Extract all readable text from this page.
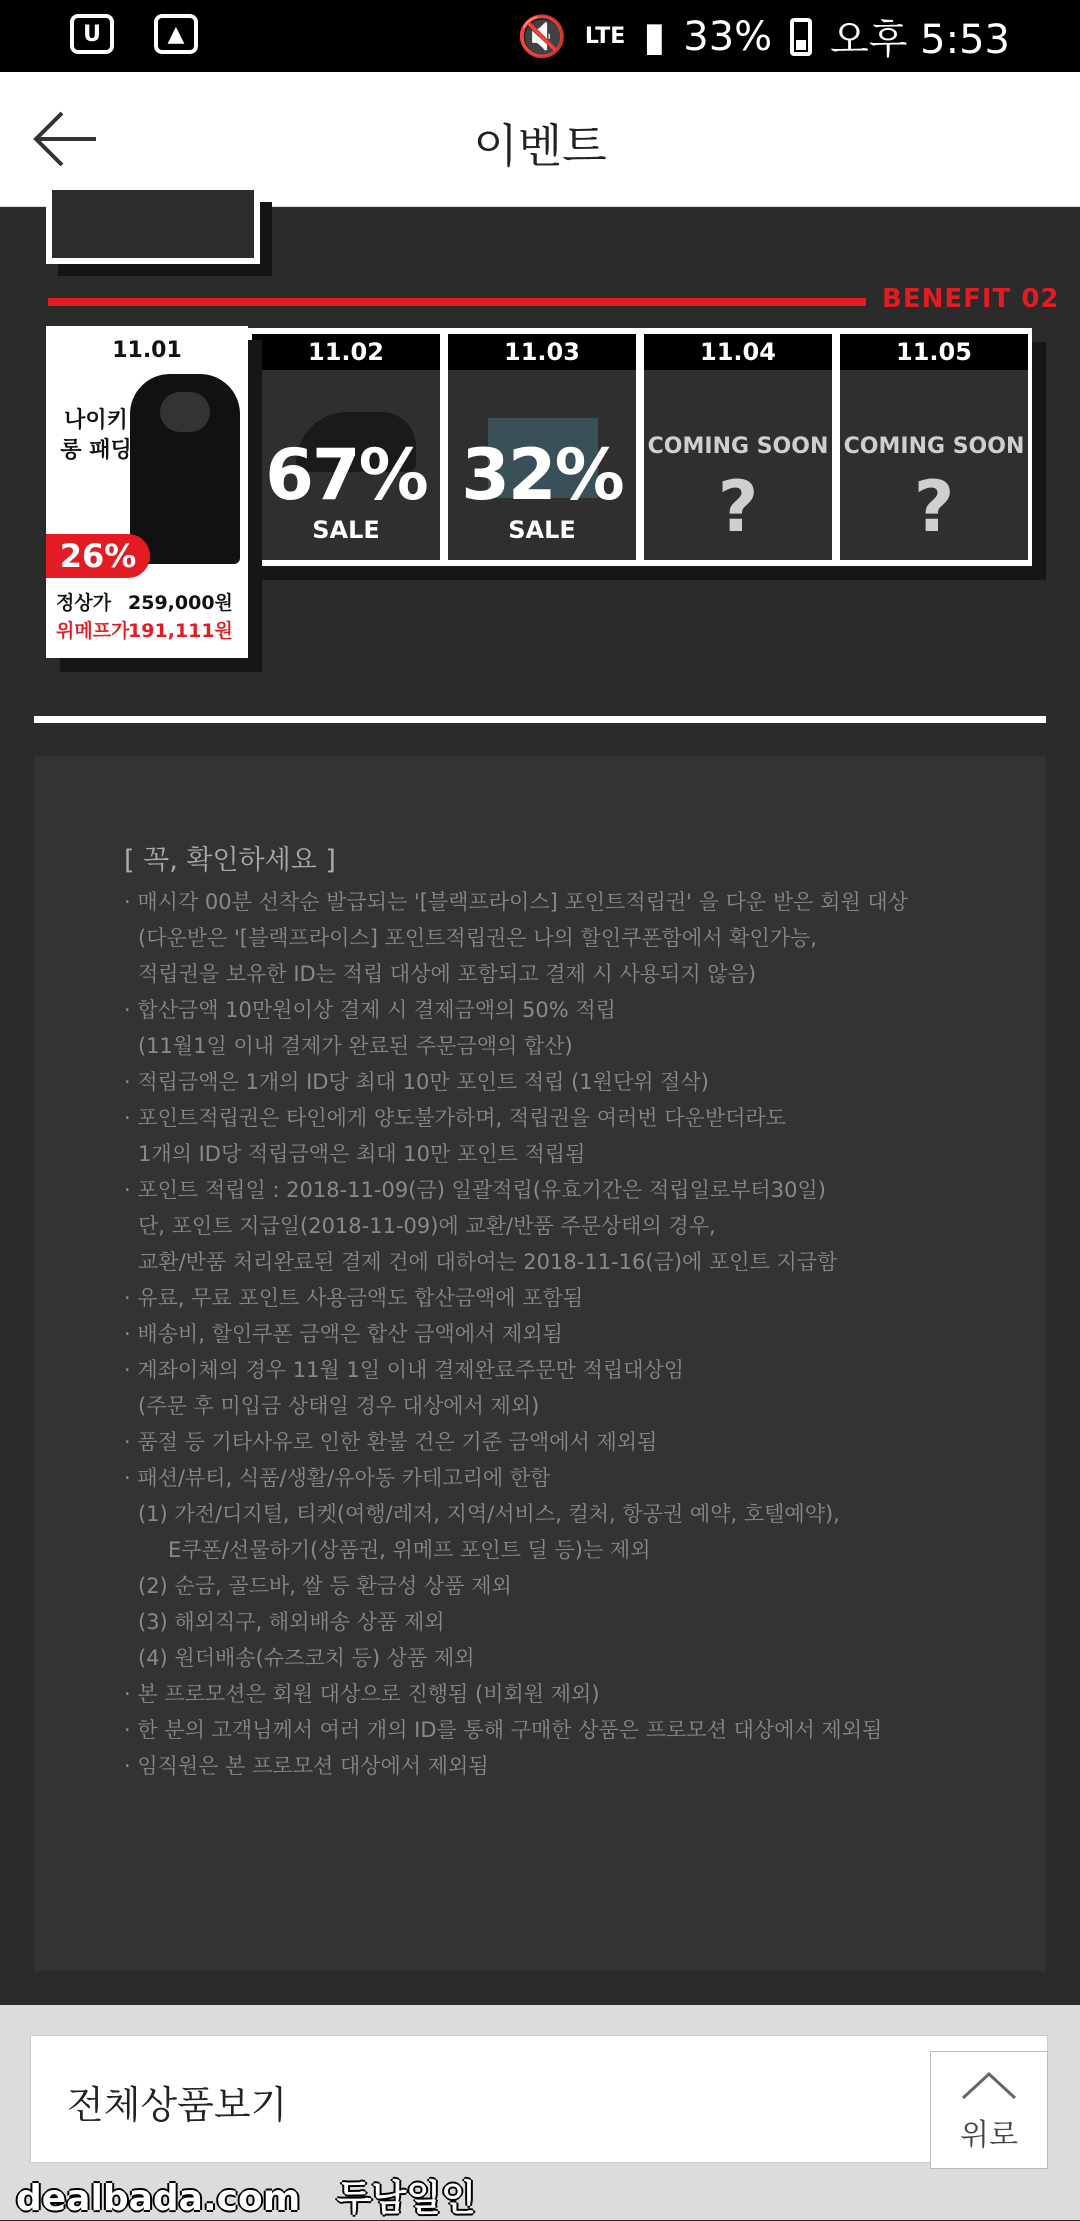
U	▲	🔇 LTE ▮ 33% 오후 5:53
이벤트
BENEFIT 02
11.02
67%
SALE
11.03
32%
SALE
11.04
COMING SOON
?
11.05
COMING SOON
?
11.01
나이키
롱 패딩
26%
정상가 259,000원
위메프가
191,111원
[ 꼭, 확인하세요 ]
· 매시각 00분 선착순 발급되는 '[블랙프라이스] 포인트적립권' 을 다운 받은 회원 대상
(다운받은 '[블랙프라이스] 포인트적립권은 나의 할인쿠폰함에서 확인가능,
적립권을 보유한 ID는 적립 대상에 포함되고 결제 시 사용되지 않음)
· 합산금액 10만원이상 결제 시 결제금액의 50% 적립
(11월1일 이내 결제가 완료된 주문금액의 합산)
· 적립금액은 1개의 ID당 최대 10만 포인트 적립 (1원단위 절삭)
· 포인트적립권은 타인에게 양도불가하며, 적립권을 여러번 다운받더라도
1개의 ID당 적립금액은 최대 10만 포인트 적립됨
· 포인트 적립일 : 2018-11-09(금) 일괄적립(유효기간은 적립일로부터30일)
단, 포인트 지급일(2018-11-09)에 교환/반품 주문상태의 경우,
교환/반품 처리완료된 결제 건에 대하여는 2018-11-16(금)에 포인트 지급함
· 유료, 무료 포인트 사용금액도 합산금액에 포함됨
· 배송비, 할인쿠폰 금액은 합산 금액에서 제외됨
· 계좌이체의 경우 11월 1일 이내 결제완료주문만 적립대상임
(주문 후 미입금 상태일 경우 대상에서 제외)
· 품절 등 기타사유로 인한 환불 건은 기준 금액에서 제외됨
· 패션/뷰티, 식품/생활/유아동 카테고리에 한함
(1) 가전/디지털, 티켓(여행/레저, 지역/서비스, 컬처, 항공권 예약, 호텔예약),
E쿠폰/선물하기(상품권, 위메프 포인트 딜 등)는 제외
(2) 순금, 골드바, 쌀 등 환금성 상품 제외
(3) 해외직구, 해외배송 상품 제외
(4) 원더배송(슈즈코치 등) 상품 제외
· 본 프로모션은 회원 대상으로 진행됨 (비회원 제외)
· 한 분의 고객님께서 여러 개의 ID를 통해 구매한 상품은 프로모션 대상에서 제외됨
· 임직원은 본 프로모션 대상에서 제외됨
전체상품보기
위로
dealbada.com 두남일인
